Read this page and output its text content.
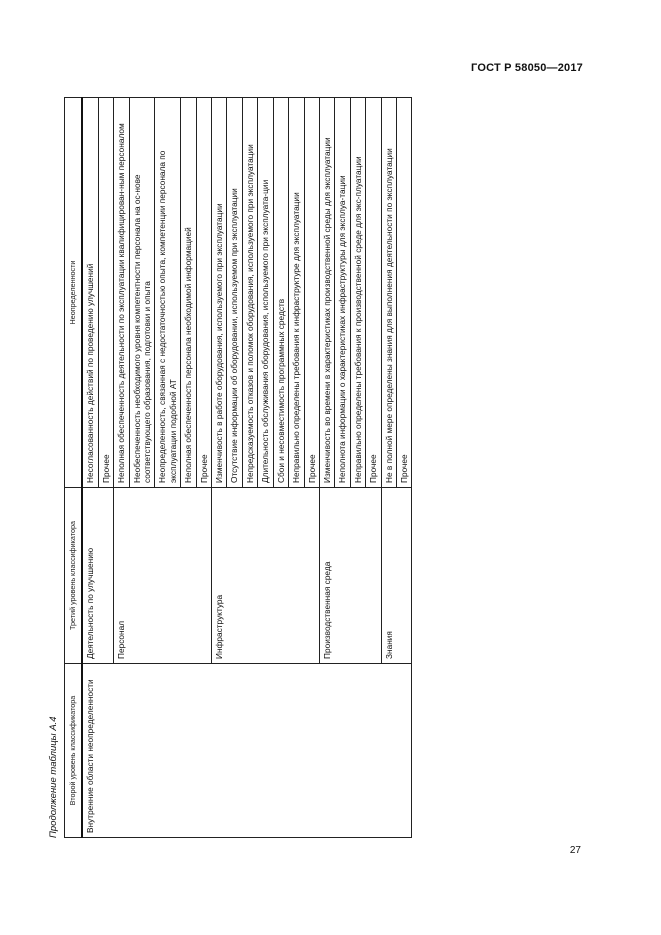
ГОСТ Р 58050—2017
Продолжение таблицы А.4 Второй уровень классификатора	Третий уровень классификатора	Неопределенности
Внутренние области неопределенности	Деятельность по улучшению	Несогласованность действий по проведению улучшений
		Прочее
	Персонал	Неполная обеспеченность деятельности по эксплуатации квалифицирован-ным персоналом
		Необеспеченность необходимого уровня компетентности персонала на ос-нове соответствующего образования, подготовки и опыта
		Неопределенность, связанная с недостаточностью опыта, компетенции персонала по эксплуатации подобной АТ
		Неполная обеспеченность персонала необходимой информацией
		Прочее
	Инфраструктура	Изменчивость в работе оборудования, используемого при эксплуатации
		Отсутствие информации об оборудовании, используемом при эксплуатации
		Непредсказуемость отказов и поломок оборудования, используемого при эксплуатации
		Длительность обслуживания оборудования, используемого при эксплуата-ции
		Сбои и несовместимость программных средств
		Неправильно определены требования к инфраструктуре для эксплуатации
		Прочее
	Производственная среда	Изменчивость во времени в характеристиках производственной среды для эксплуатации
		Неполнота информации о характеристиках инфраструктуры для эксплуа-тации
		Неправильно определены требования к производственной среде для экс-плуатации
		Прочее
	Знания	Не в полной мере определены знания для выполнения деятельности по эксплуатации
		Прочее
27
